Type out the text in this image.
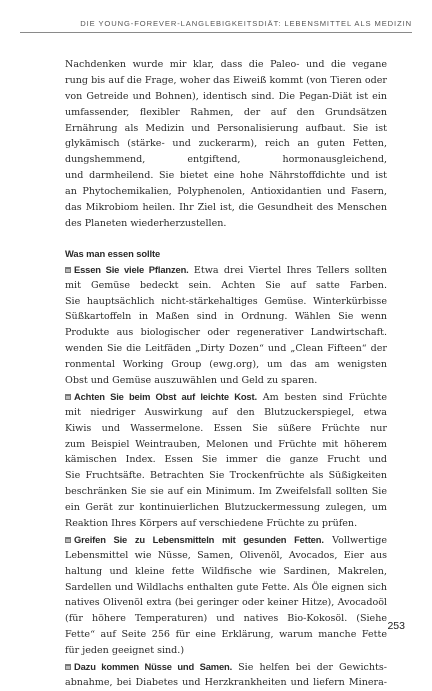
DIE YOUNG-FOREVER-LANGLEBIGKEITSDIÄT: LEBENSMITTEL ALS MEDIZIN
Nachdenken wurde mir klar, dass die Paleo- und die vegane
rung bis auf die Frage, woher das Eiweiß kommt (von Tieren oder
von Getreide und Bohnen), identisch sind. Die Pegan-Diät ist ein
umfassender, flexibler Rahmen, der auf den Grundsätzen
Ernährung als Medizin und Personalisierung aufbaut. Sie ist
glykämisch (stärke- und zuckerarm), reich an guten Fetten,
dungshemmend, entgiftend, hormonausgleichend,
und darmheilend. Sie bietet eine hohe Nährstoffdichte und ist
an Phytochemikalien, Polyphenolen, Antioxidantien und Fasern,
das Mikrobiom heilen. Ihr Ziel ist, die Gesundheit des Menschen
des Planeten wiederherzustellen.
Was man essen sollte
Essen Sie viele Pflanzen. Etwa drei Viertel Ihres Tellers sollten
mit Gemüse bedeckt sein. Achten Sie auf satte Farben.
Sie hauptsächlich nicht-stärkehaltiges Gemüse. Winterkürbisse
Süßkartoffeln in Maßen sind in Ordnung. Wählen Sie wenn
Produkte aus biologischer oder regenerativer Landwirtschaft.
wenden Sie die Leitfäden „Dirty Dozen“ und „Clean Fifteen“ der
ronmental Working Group (ewg.org), um das am wenigsten
Obst und Gemüse auszuwählen und Geld zu sparen.
Achten Sie beim Obst auf leichte Kost. Am besten sind Früchte
mit niedriger Auswirkung auf den Blutzuckerspiegel, etwa
Kiwis und Wassermelone. Essen Sie süßere Früchte nur
zum Beispiel Weintrauben, Melonen und Früchte mit höherem
kämischen Index. Essen Sie immer die ganze Frucht und
Sie Fruchtsäfte. Betrachten Sie Trockenfrüchte als Süßigkeiten
beschränken Sie sie auf ein Minimum. Im Zweifelsfall sollten Sie
ein Gerät zur kontinuierlichen Blutzuckermessung zulegen, um
Reaktion Ihres Körpers auf verschiedene Früchte zu prüfen.
Greifen Sie zu Lebensmitteln mit gesunden Fetten. Vollwertige
Lebensmittel wie Nüsse, Samen, Olivenöl, Avocados, Eier aus
haltung und kleine fette Wildfische wie Sardinen, Makrelen,
Sardellen und Wildlachs enthalten gute Fette. Als Öle eignen sich
natives Olivenöl extra (bei geringer oder keiner Hitze), Avocadoöl
(für höhere Temperaturen) und natives Bio-Kokosöl. (Siehe
Fette“ auf Seite 256 für eine Erklärung, warum manche Fette
für jeden geeignet sind.)
Dazu kommen Nüsse und Samen. Sie helfen bei der Gewichts-
abnahme, bei Diabetes und Herzkrankheiten und liefern Minera-
253
